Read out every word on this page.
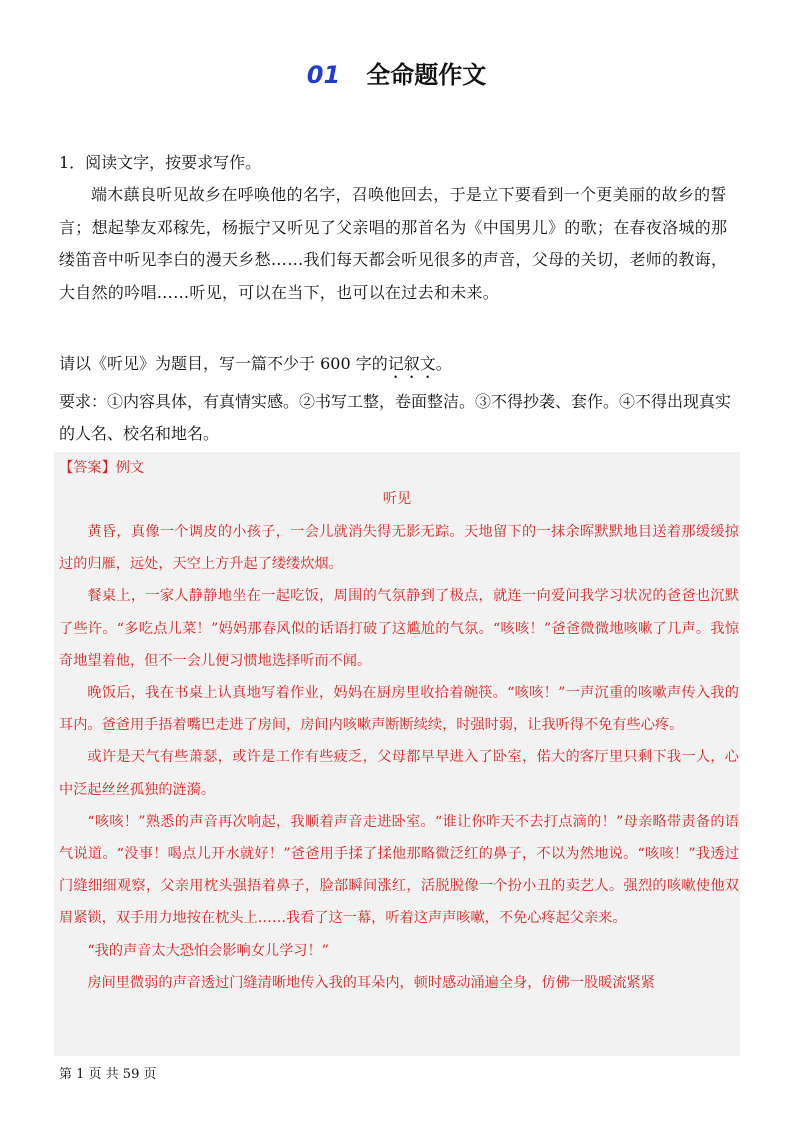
01 全命题作文
1．阅读文字，按要求写作。
端木蕻良听见故乡在呼唤他的名字，召唤他回去，于是立下要看到一个更美丽的故乡的誓言；想起挚友邓稼先，杨振宁又听见了父亲唱的那首名为《中国男儿》的歌；在春夜洛城的那缕笛音中听见李白的漫天乡愁……我们每天都会听见很多的声音，父母的关切，老师的教诲，大自然的吟唱……听见，可以在当下，也可以在过去和未来。
请以《听见》为题目，写一篇不少于 600 字的记叙文。
要求：①内容具体，有真情实感。②书写工整，卷面整洁。③不得抄袭、套作。④不得出现真实的人名、校名和地名。
【答案】例文
听见

黄昏，真像一个调皮的小孩子，一会儿就消失得无影无踪。天地留下的一抹余晖默默地目送着那缓缓掠过的归雁，远处，天空上方升起了缕缕炊烟。

餐桌上，一家人静静地坐在一起吃饭，周围的气氛静到了极点，就连一向爱问我学习状况的爸爸也沉默了些许。“多吃点儿菜！”妈妈那春风似的话语打破了这尴尬的气氛。“咳咳！”爸爸微微地咳嗽了几声。我惊奇地望着他，但不一会儿便习惯地选择听而不闻。

晚饭后，我在书桌上认真地写着作业，妈妈在厨房里收拾着碗筷。“咳咳！”一声沉重的咳嗽声传入我的耳内。爸爸用手捂着嘴巴走进了房间，房间内咳嗽声断断续续，时强时弱，让我听得不免有些心疼。

或许是天气有些萧瑟，或许是工作有些疲乏，父母都早早进入了卧室，偌大的客厅里只剩下我一人，心中泛起丝丝孤独的涟漪。

“咳咳！”熟悉的声音再次响起，我顺着声音走进卧室。“谁让你昨天不去打点滴的！”母亲略带责备的语气说道。“没事！喝点儿开水就好！”爸爸用手揉了揉他那略微泛红的鼻子，不以为然地说。“咳咳！”我透过门缝细细观察，父亲用枕头强捂着鼻子，脸部瞬间涨红，活脱脱像一个扮小丑的卖艺人。强烈的咳嗽使他双眉紧锁，双手用力地按在枕头上……我看了这一幕，听着这声声咳嗽，不免心疼起父亲来。

“我的声音太大恐怕会影响女儿学习！”

房间里微弱的声音透过门缝清晰地传入我的耳朵内，顿时感动涌遍全身，仿佛一股暖流紧紧

第 1 页 共 59 页
